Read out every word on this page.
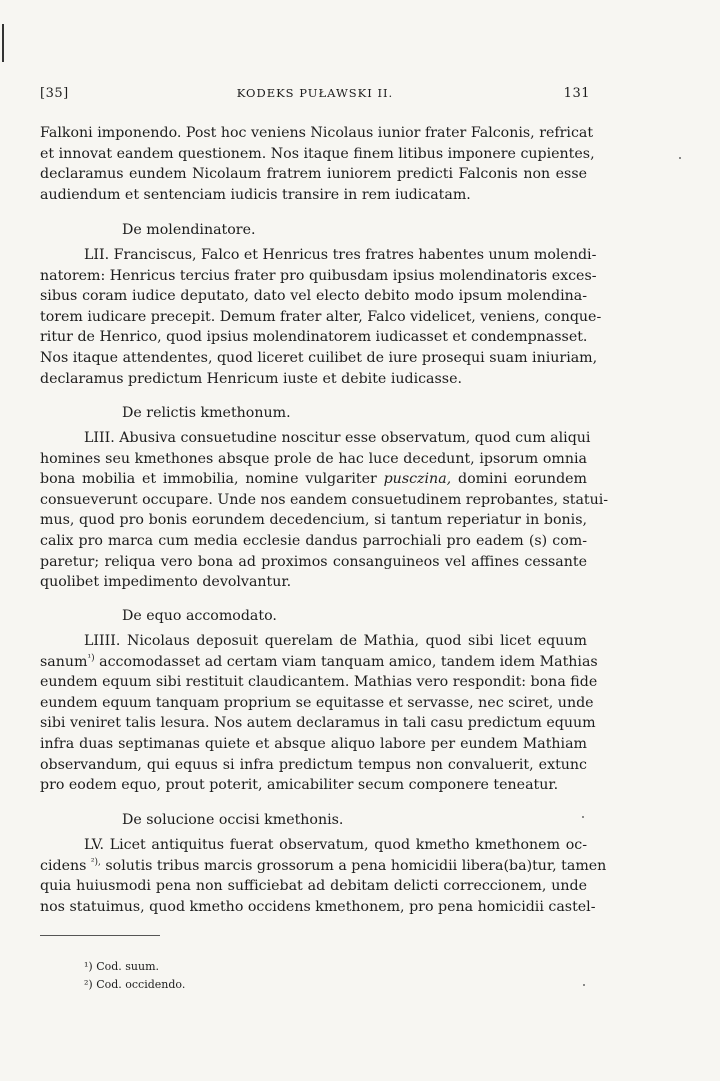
[35]	KODEKS PUŁAWSKI II.	131
Falkoni imponendo. Post hoc veniens Nicolaus iunior frater Falconis, refricat
et innovat eandem questionem. Nos itaque finem litibus imponere cupientes,
declaramus eundem Nicolaum fratrem iuniorem predicti Falconis non esse
audiendum et sentenciam iudicis transire in rem iudicatam.
De molendinatore.
LII. Franciscus, Falco et Henricus tres fratres habentes unum molendi-
natorem: Henricus tercius frater pro quibusdam ipsius molendinatoris exces-
sibus coram iudice deputato, dato vel electo debito modo ipsum molendina-
torem iudicare precepit. Demum frater alter, Falco videlicet, veniens, conque-
ritur de Henrico, quod ipsius molendinatorem iudicasset et condempnasset.
Nos itaque attendentes, quod liceret cuilibet de iure prosequi suam iniuriam,
declaramus predictum Henricum iuste et debite iudicasse.
De relictis kmethonum.
LIII. Abusiva consuetudine noscitur esse observatum, quod cum aliqui
homines seu kmethones absque prole de hac luce decedunt, ipsorum omnia
bona mobilia et immobilia, nomine vulgariter pusczina, domini eorundem
consueverunt occupare. Unde nos eandem consuetudinem reprobantes, statui-
mus, quod pro bonis eorundem decedencium, si tantum reperiatur in bonis,
calix pro marca cum media ecclesie dandus parrochiali pro eadem (s) com-
paretur; reliqua vero bona ad proximos consanguineos vel affines cessante
quolibet impedimento devolvantur.
De equo accomodato.
LIIII. Nicolaus deposuit querelam de Mathia, quod sibi licet equum
sanum$^{^1)}$ accomodasset ad certam viam tanquam amico, tandem idem Mathias
eundem equum sibi restituit claudicantem. Mathias vero respondit: bona fide
eundem equum tanquam proprium se equitasse et servasse, nec sciret, unde
sibi veniret talis lesura. Nos autem declaramus in tali casu predictum equum
infra duas septimanas quiete et absque aliquo labore per eundem Mathiam
observandum, qui equus si infra predictum tempus non convaluerit, extunc
pro eodem equo, prout poterit, amicabiliter secum componere teneatur.
De solucione occisi kmethonis.
LV. Licet antiquitus fuerat observatum, quod kmetho kmethonem oc-
cidens $^{^2),}$ solutis tribus marcis grossorum a pena homicidii libera(ba)tur, tamen
quia huiusmodi pena non sufficiebat ad debitam delicti correccionem, unde
nos statuimus, quod kmetho occidens kmethonem, pro pena homicidii castel-
¹) Cod. suum.
²) Cod. occidendo.
